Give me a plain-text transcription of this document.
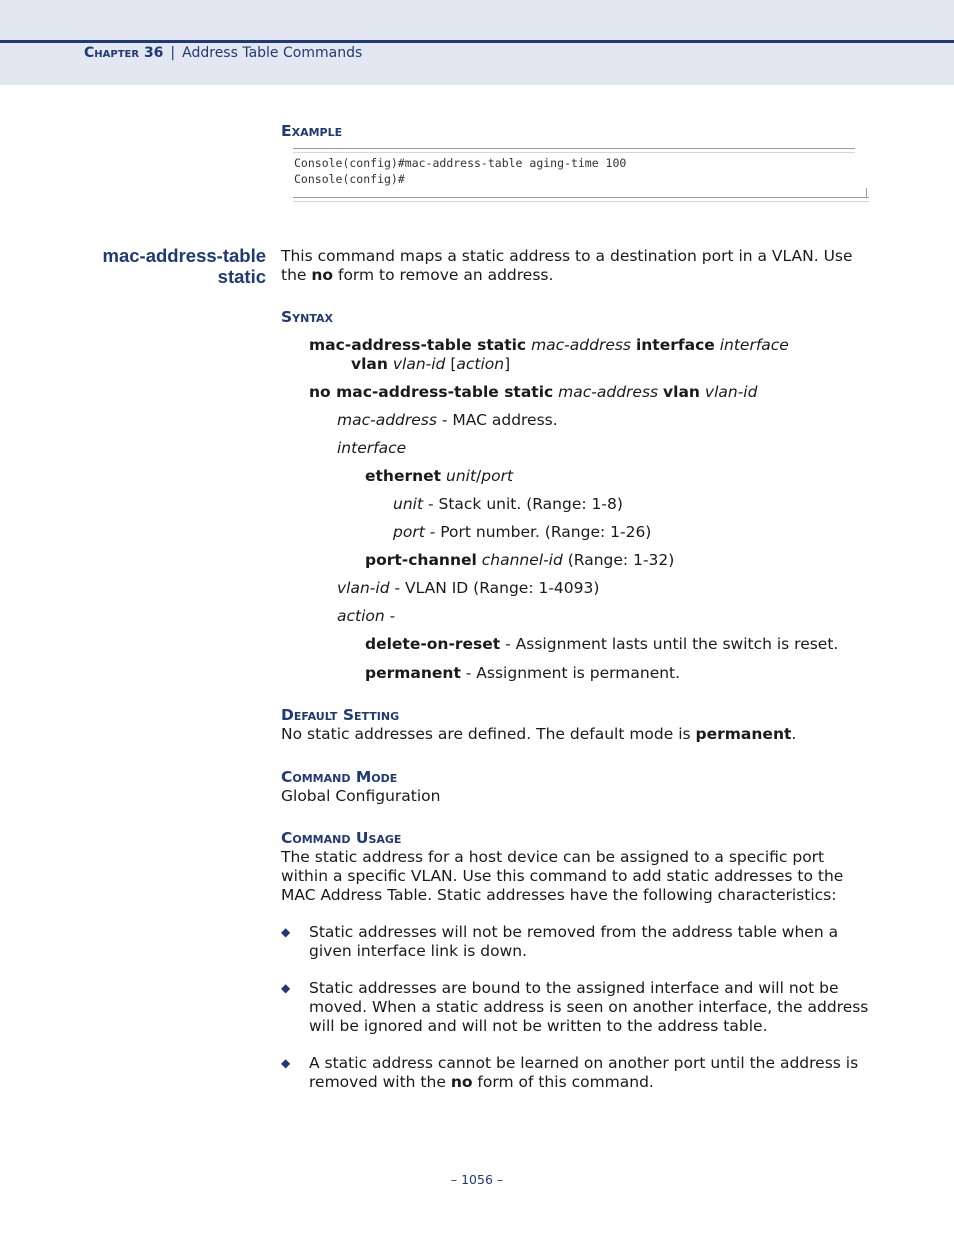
Chapter 36 | Address Table Commands
Example
Console(config)#mac-address-table aging-time 100
Console(config)#
mac-address-table
static

This command maps a static address to a destination port in a VLAN. Use the no form to remove an address.

Syntax
mac-address-table static mac-address interface interface
vlan vlan-id [action]
no mac-address-table static mac-address vlan vlan-id
mac-address - MAC address.
interface
ethernet unit/port
unit - Stack unit. (Range: 1-8)
port - Port number. (Range: 1-26)
port-channel channel-id (Range: 1-32)
vlan-id - VLAN ID (Range: 1-4093)
action -
delete-on-reset - Assignment lasts until the switch is reset.
permanent - Assignment is permanent.
Default Setting
No static addresses are defined. The default mode is permanent.
Command Mode
Global Configuration
Command Usage

The static address for a host device can be assigned to a specific port within a specific VLAN. Use this command to add static addresses to the MAC Address Table. Static addresses have the following characteristics:

◆ Static addresses will not be removed from the address table when a given interface link is down.

◆ Static addresses are bound to the assigned interface and will not be moved. When a static address is seen on another interface, the address will be ignored and will not be written to the address table.

◆ A static address cannot be learned on another port until the address is removed with the no form of this command.

– 1056 –
